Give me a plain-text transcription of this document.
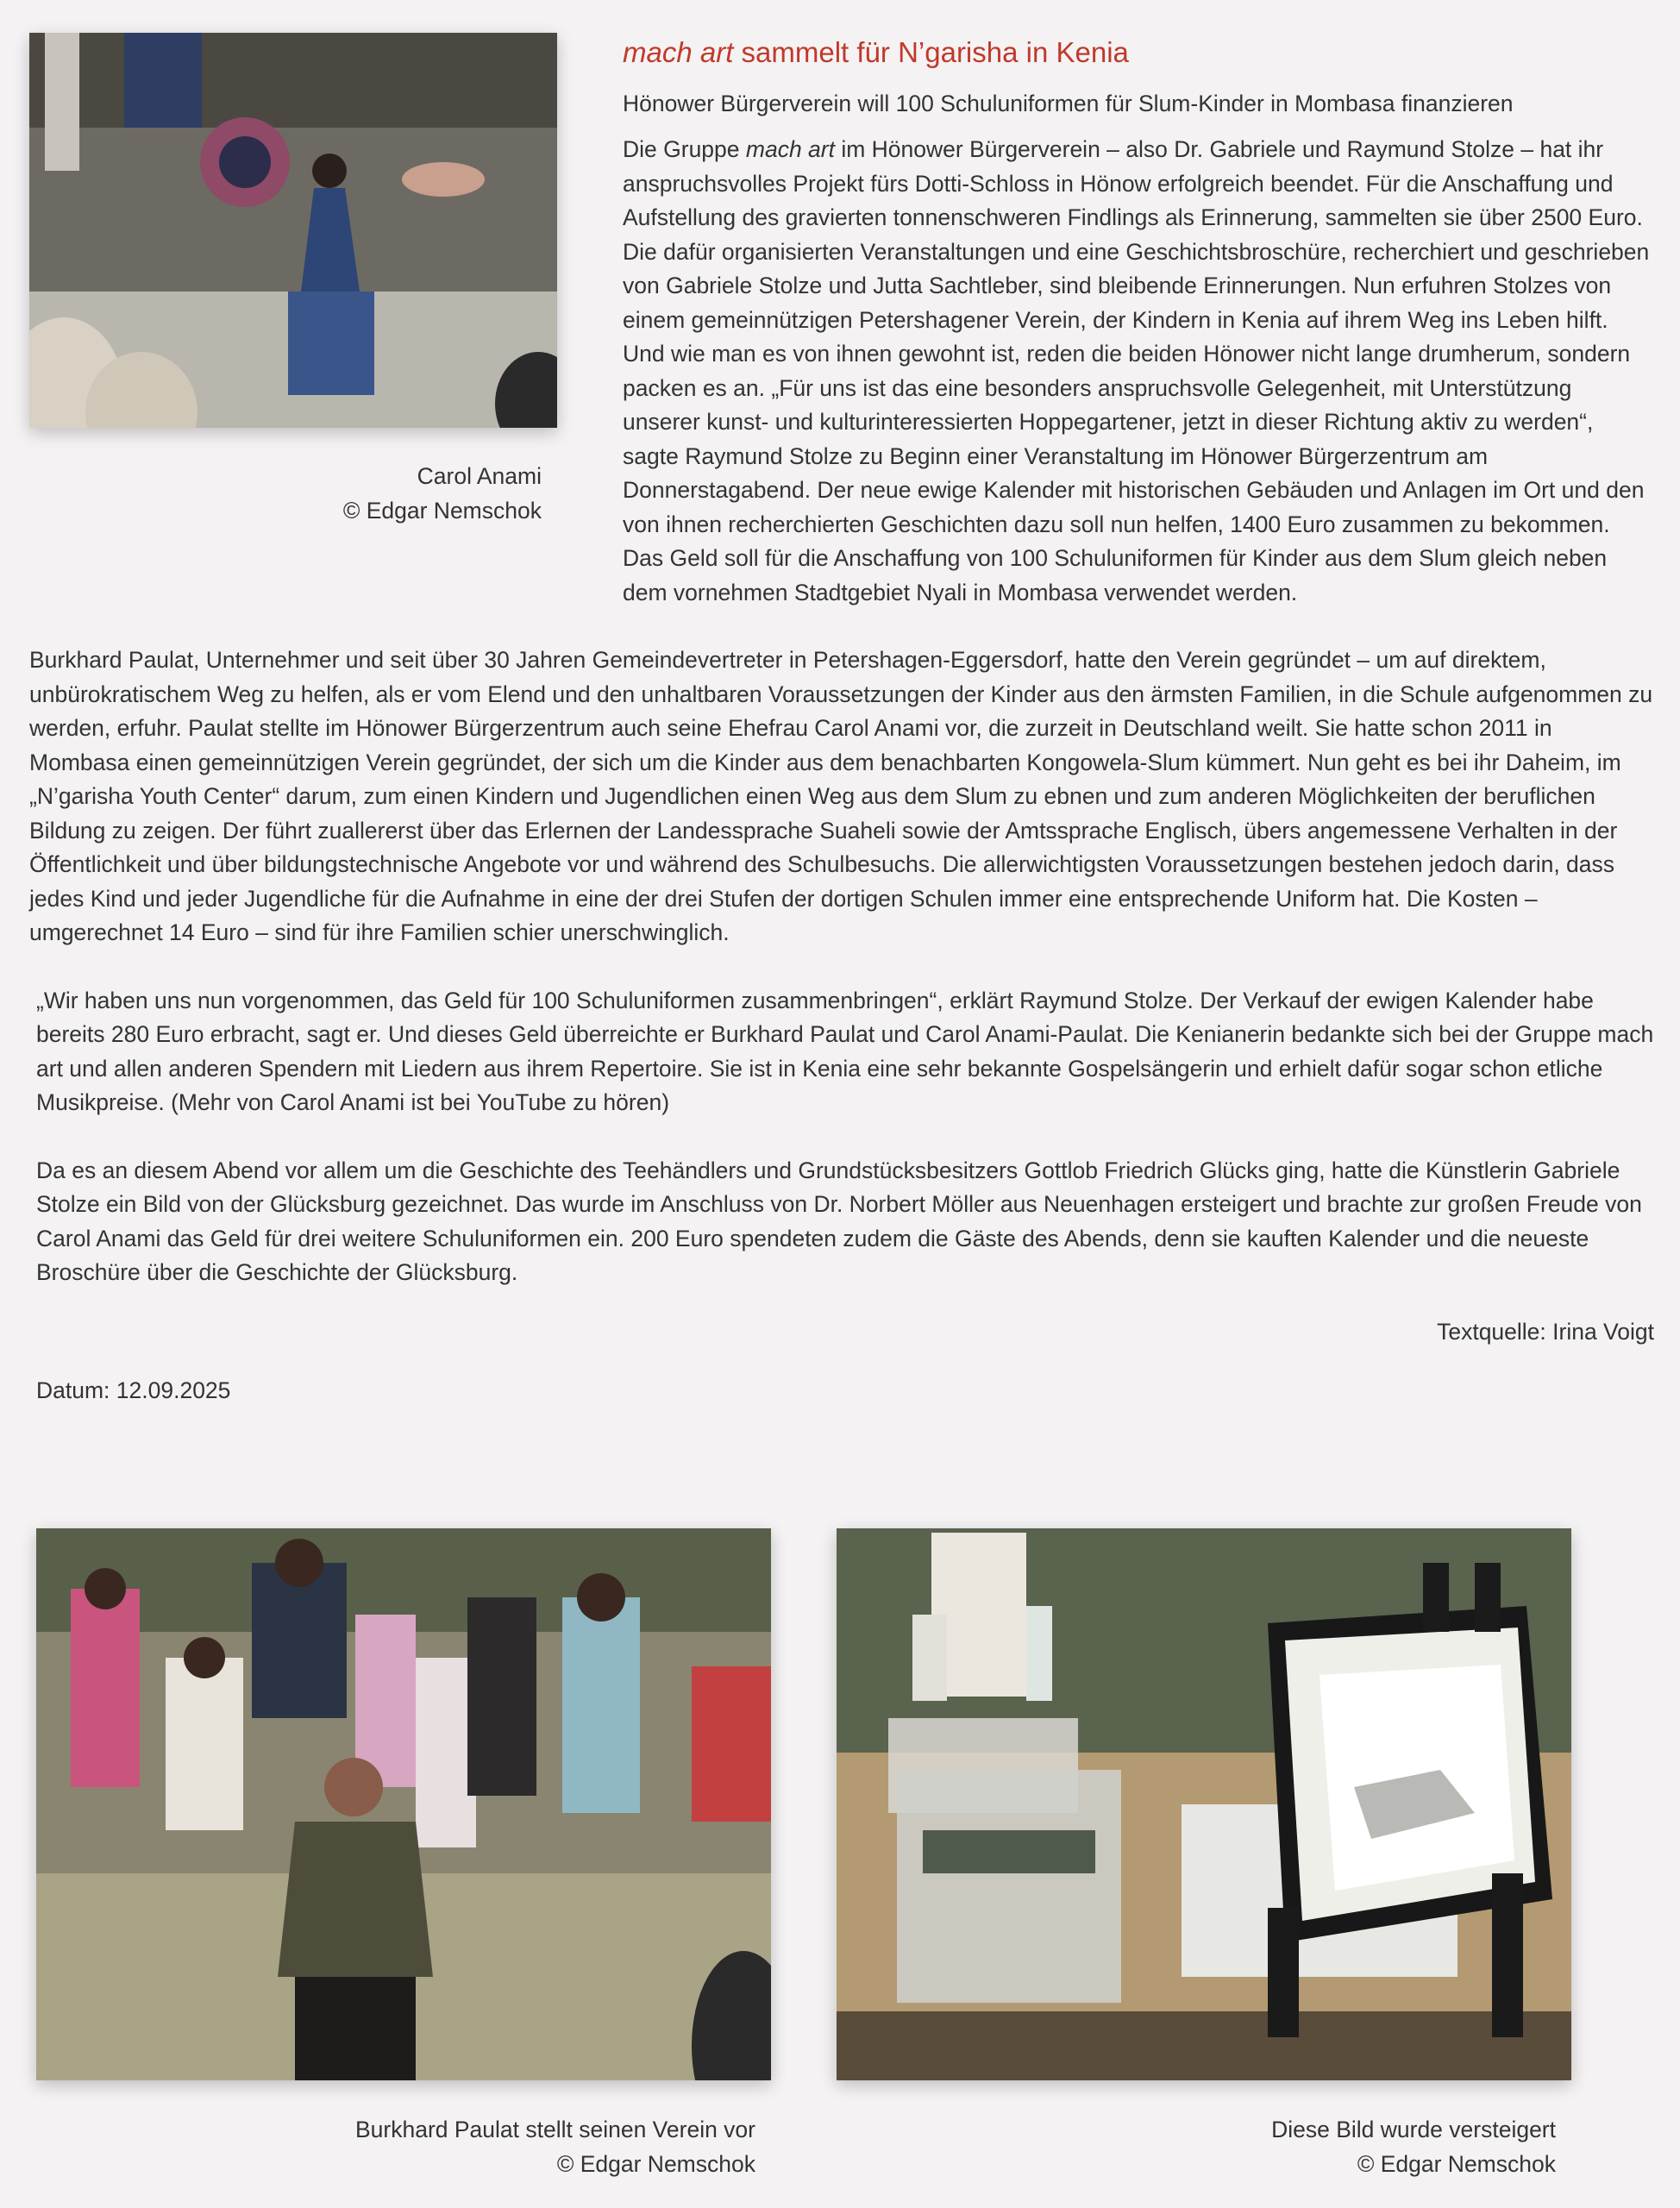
Carol Anami
© Edgar Nemschok
mach art sammelt für N’garisha in Kenia

Hönower Bürgerverein will 100 Schuluniformen für Slum-Kinder in Mombasa finanzieren

Die Gruppe mach art im Hönower Bürgerverein – also Dr. Gabriele und Raymund Stolze – hat ihr anspruchsvolles Projekt fürs Dotti-Schloss in Hönow erfolgreich beendet. Für die Anschaffung und Aufstellung des gravierten tonnenschweren Findlings als Erinnerung, sammelten sie über 2500 Euro. Die dafür organisierten Veranstaltungen und eine Geschichtsbroschüre, recherchiert und geschrieben von Gabriele Stolze und Jutta Sachtleber, sind bleibende Erinnerungen. Nun erfuhren Stolzes von einem gemeinnützigen Petershagener Verein, der Kindern in Kenia auf ihrem Weg ins Leben hilft. Und wie man es von ihnen gewohnt ist, reden die beiden Hönower nicht lange drumherum, sondern packen es an. „Für uns ist das eine besonders anspruchsvolle Gelegenheit, mit Unterstützung unserer kunst- und kulturinteressierten Hoppegartener, jetzt in dieser Richtung aktiv zu werden“, sagte Raymund Stolze zu Beginn einer Veranstaltung im Hönower Bürgerzentrum am Donnerstagabend. Der neue ewige Kalender mit historischen Gebäuden und Anlagen im Ort und den von ihnen recherchierten Geschichten dazu soll nun helfen, 1400 Euro zusammen zu bekommen. Das Geld soll für die Anschaffung von 100 Schuluniformen für Kinder aus dem Slum gleich neben dem vornehmen Stadtgebiet Nyali in Mombasa verwendet werden.

Burkhard Paulat, Unternehmer und seit über 30 Jahren Gemeindevertreter in Petershagen-Eggersdorf, hatte den Verein gegründet – um auf direktem, unbürokratischem Weg zu helfen, als er vom Elend und den unhaltbaren Voraussetzungen der Kinder aus den ärmsten Familien, in die Schule aufgenommen zu werden, erfuhr. Paulat stellte im Hönower Bürgerzentrum auch seine Ehefrau Carol Anami vor, die zurzeit in Deutschland weilt. Sie hatte schon 2011 in Mombasa einen gemeinnützigen Verein gegründet, der sich um die Kinder aus dem benachbarten Kongowela-Slum kümmert. Nun geht es bei ihr Daheim, im „N’garisha Youth Center“ darum, zum einen Kindern und Jugendlichen einen Weg aus dem Slum zu ebnen und zum anderen Möglichkeiten der beruflichen Bildung zu zeigen. Der führt zuallererst über das Erlernen der Landessprache Suaheli sowie der Amtssprache Englisch, übers angemessene Verhalten in der Öffentlichkeit und über bildungstechnische Angebote vor und während des Schulbesuchs. Die allerwichtigsten Voraussetzungen bestehen jedoch darin, dass jedes Kind und jeder Jugendliche für die Aufnahme in eine der drei Stufen der dortigen Schulen immer eine entsprechende Uniform hat. Die Kosten – umgerechnet 14 Euro – sind für ihre Familien schier unerschwinglich.

„Wir haben uns nun vorgenommen, das Geld für 100 Schuluniformen zusammenbringen“, erklärt Raymund Stolze. Der Verkauf der ewigen Kalender habe bereits 280 Euro erbracht, sagt er. Und dieses Geld überreichte er Burkhard Paulat und Carol Anami-Paulat. Die Kenianerin bedankte sich bei der Gruppe mach art und allen anderen Spendern mit Liedern aus ihrem Repertoire. Sie ist in Kenia eine sehr bekannte Gospelsängerin und erhielt dafür sogar schon etliche Musikpreise. (Mehr von Carol Anami ist bei YouTube zu hören)

Da es an diesem Abend vor allem um die Geschichte des Teehändlers und Grundstücksbesitzers Gottlob Friedrich Glücks ging, hatte die Künstlerin Gabriele Stolze ein Bild von der Glücksburg gezeichnet. Das wurde im Anschluss von Dr. Norbert Möller aus Neuenhagen ersteigert und brachte zur großen Freude von Carol Anami das Geld für drei weitere Schuluniformen ein. 200 Euro spendeten zudem die Gäste des Abends, denn sie kauften Kalender und die neueste Broschüre über die Geschichte der Glücksburg.

Textquelle: Irina Voigt

Datum: 12.09.2025

Burkhard Paulat stellt seinen Verein vor
© Edgar Nemschok
Diese Bild wurde versteigert
© Edgar Nemschok
